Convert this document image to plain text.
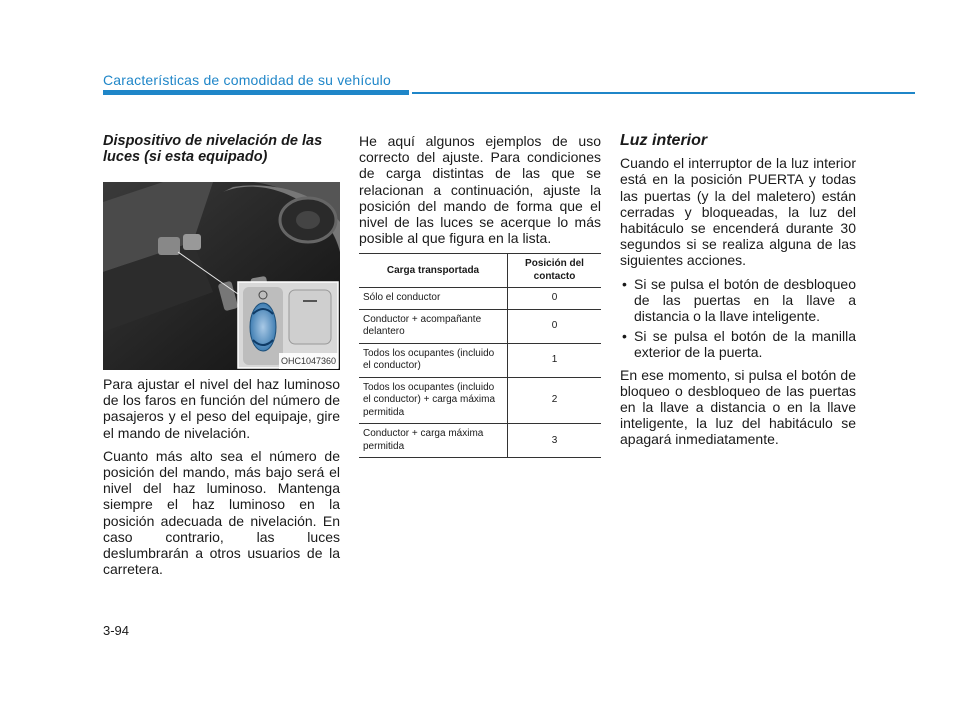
Características de comodidad de su vehículo
Dispositivo de nivelación de las luces (si esta equipado)
OHC1047360

Para ajustar el nivel del haz luminoso de los faros en función del número de pasajeros y el peso del equipaje, gire el mando de nivelación.

Cuanto más alto sea el número de posición del mando, más bajo será el nivel del haz luminoso. Mantenga siempre el haz luminoso en la posición adecuada de nivelación. En caso contrario, las luces deslumbrarán a otros usuarios de la carretera.

He aquí algunos ejemplos de uso correcto del ajuste. Para condiciones de carga distintas de las que se relacionan a continuación, ajuste la posición del mando de forma que el nivel de las luces se acerque lo más posible al que figura en la lista.

Carga transportada	Posición del contacto
Sólo el conductor	0
Conductor + acompañante delantero	0
Todos los ocupantes (incluido el conductor)	1
Todos los ocupantes (incluido el conductor) + carga máxima permitida	2
Conductor + carga máxima permitida	3
Luz interior

Cuando el interruptor de la luz interior está en la posición PUERTA y todas las puertas (y la del maletero) están cerradas y bloqueadas, la luz del habitáculo se encenderá durante 30 segundos si se realiza alguna de las siguientes acciones.

• Si se pulsa el botón de desbloqueo de las puertas en la llave a distancia o la llave inteligente.
• Si se pulsa el botón de la manilla exterior de la puerta.

En ese momento, si pulsa el botón de bloqueo o desbloqueo de las puertas en la llave a distancia o en la llave inteligente, la luz del habitáculo se apagará inmediatamente.

3-94
